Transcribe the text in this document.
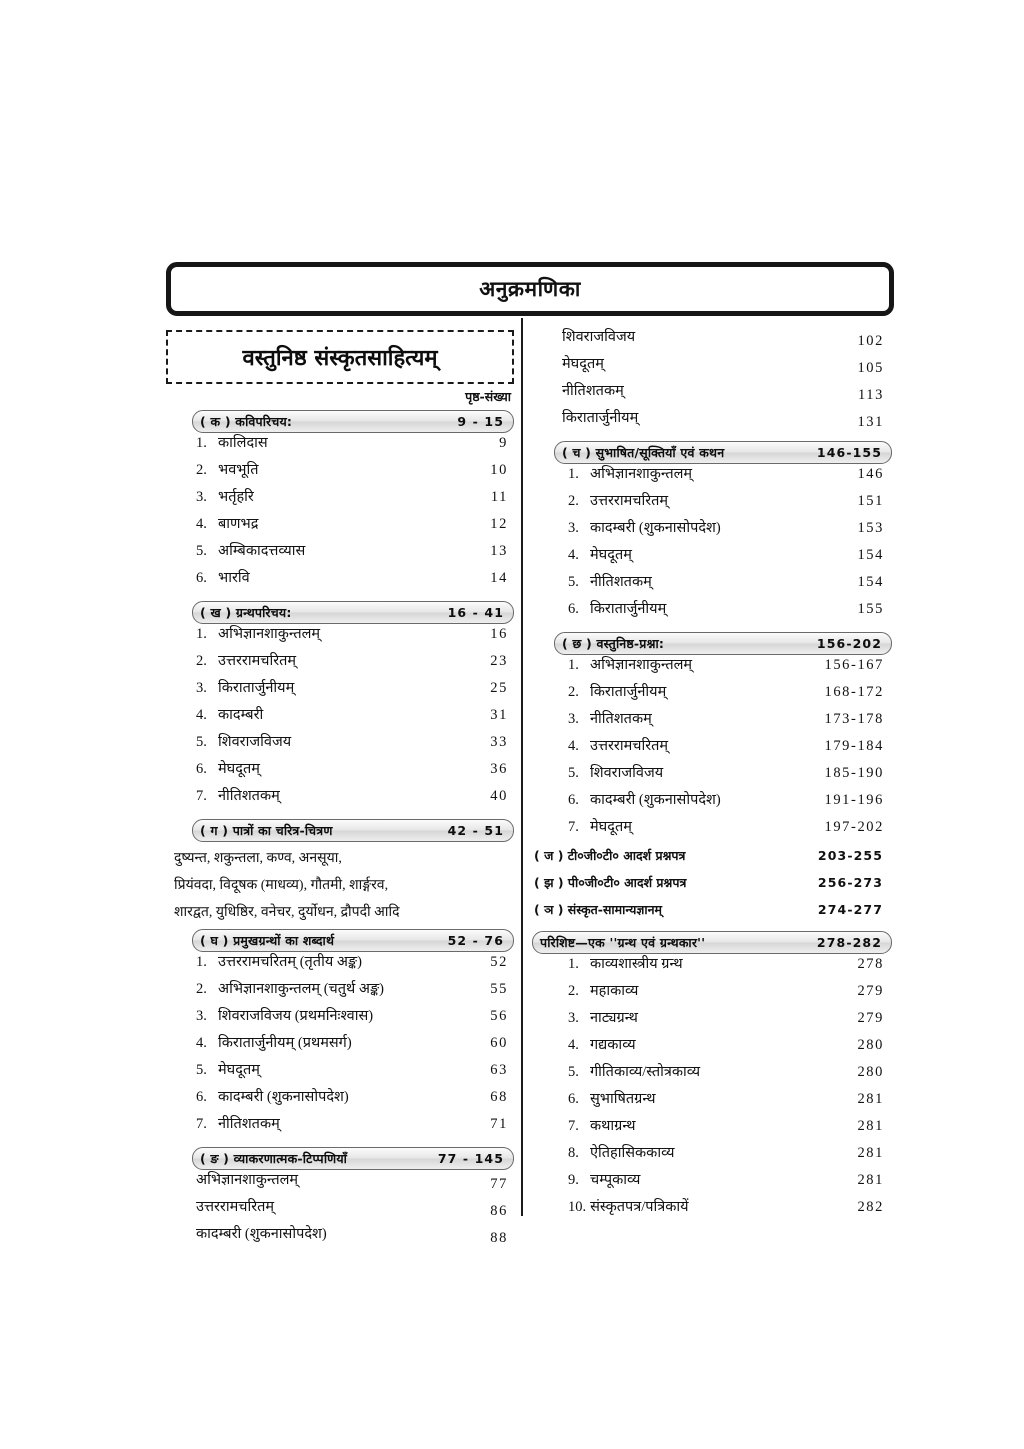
अनुक्रमणिका
वस्तुनिष्ठ संस्कृतसाहित्यम्
पृष्ठ-संख्या
( क ) कविपरिचय:	9 - 15
1. कालिदास	9
2. भवभूति	10
3. भर्तृहरि	11
4. बाणभद्र	12
5. अम्बिकादत्तव्यास	13
6. भारवि	14
( ख ) ग्रन्थपरिचय:	16 - 41
1. अभिज्ञानशाकुन्तलम्	16
2. उत्तररामचरितम्	23
3. किरातार्जुनीयम्	25
4. कादम्बरी	31
5. शिवराजविजय	33
6. मेघदूतम्	36
7. नीतिशतकम्	40
( ग ) पात्रों का चरित्र-चित्रण	42 - 51
दुष्यन्त, शकुन्तला, कण्व, अनसूया,
प्रियंवदा, विदूषक (माधव्य), गौतमी, शार्ङ्गरव,
शारद्वत, युधिष्ठिर, वनेचर, दुर्योधन, द्रौपदी आदि
( घ ) प्रमुखग्रन्थों का शब्दार्थ	52 - 76
1. उत्तररामचरितम् (तृतीय अङ्क)	52
2. अभिज्ञानशाकुन्तलम् (चतुर्थ अङ्क)	55
3. शिवराजविजय (प्रथमनिःश्वास)	56
4. किरातार्जुनीयम् (प्रथमसर्ग)	60
5. मेघदूतम्	63
6. कादम्बरी (शुकनासोपदेश)	68
7. नीतिशतकम्	71
( ङ ) व्याकरणात्मक-टिप्पणियाँ	77 - 145
अभिज्ञानशाकुन्तलम्	77
उत्तररामचरितम्	86
कादम्बरी (शुकनासोपदेश)	88
शिवराजविजय	102
मेघदूतम्	105
नीतिशतकम्	113
किरातार्जुनीयम्	131
( च ) सुभाषित/सूक्तियाँ एवं कथन	146-155
1. अभिज्ञानशाकुन्तलम्	146
2. उत्तररामचरितम्	151
3. कादम्बरी (शुकनासोपदेश)	153
4. मेघदूतम्	154
5. नीतिशतकम्	154
6. किरातार्जुनीयम्	155
( छ ) वस्तुनिष्ठ-प्रश्ना:	156-202
1. अभिज्ञानशाकुन्तलम्	156-167
2. किरातार्जुनीयम्	168-172
3. नीतिशतकम्	173-178
4. उत्तररामचरितम्	179-184
5. शिवराजविजय	185-190
6. कादम्बरी (शुकनासोपदेश)	191-196
7. मेघदूतम्	197-202
( ज ) टी०जी०टी० आदर्श प्रश्नपत्र	203-255
( झ ) पी०जी०टी० आदर्श प्रश्नपत्र	256-273
( ञ ) संस्कृत-सामान्यज्ञानम्	274-277
परिशिष्ट—एक ''ग्रन्थ एवं ग्रन्थकार''	278-282
1. काव्यशास्त्रीय ग्रन्थ	278
2. महाकाव्य	279
3. नाट्यग्रन्थ	279
4. गद्यकाव्य	280
5. गीतिकाव्य/स्तोत्रकाव्य	280
6. सुभाषितग्रन्थ	281
7. कथाग्रन्थ	281
8. ऐतिहासिककाव्य	281
9. चम्पूकाव्य	281
10. संस्कृतपत्र/पत्रिकायें	282
